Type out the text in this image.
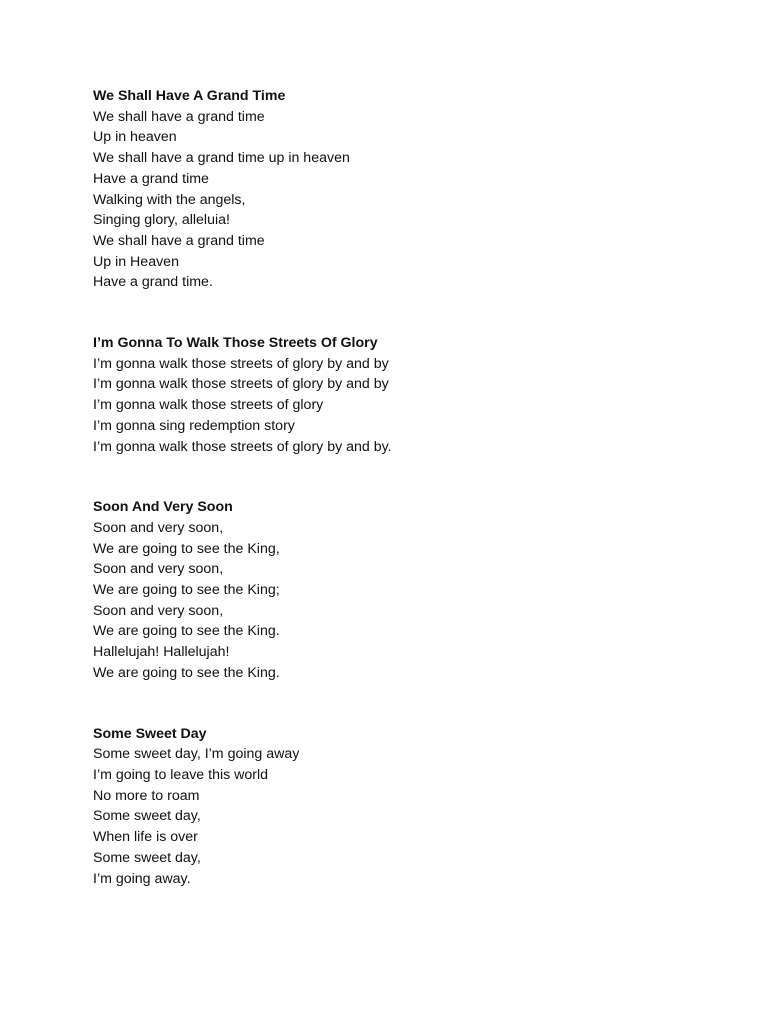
We Shall Have A Grand Time

We shall have a grand time

Up in heaven

We shall have a grand time up in heaven

Have a grand time

Walking with the angels,

Singing glory, alleluia!

We shall have a grand time

Up in Heaven

Have a grand time.

I’m Gonna To Walk Those Streets Of Glory

I’m gonna walk those streets of glory by and by

I’m gonna walk those streets of glory by and by

I’m gonna walk those streets of glory

I’m gonna sing redemption story

I’m gonna walk those streets of glory by and by.

Soon And Very Soon

Soon and very soon,

We are going to see the King,

Soon and very soon,

We are going to see the King;

Soon and very soon,

We are going to see the King.

Hallelujah! Hallelujah!

We are going to see the King.

Some Sweet Day

Some sweet day, I’m going away

I’m going to leave this world

No more to roam

Some sweet day,

When life is over

Some sweet day,

I’m going away.
